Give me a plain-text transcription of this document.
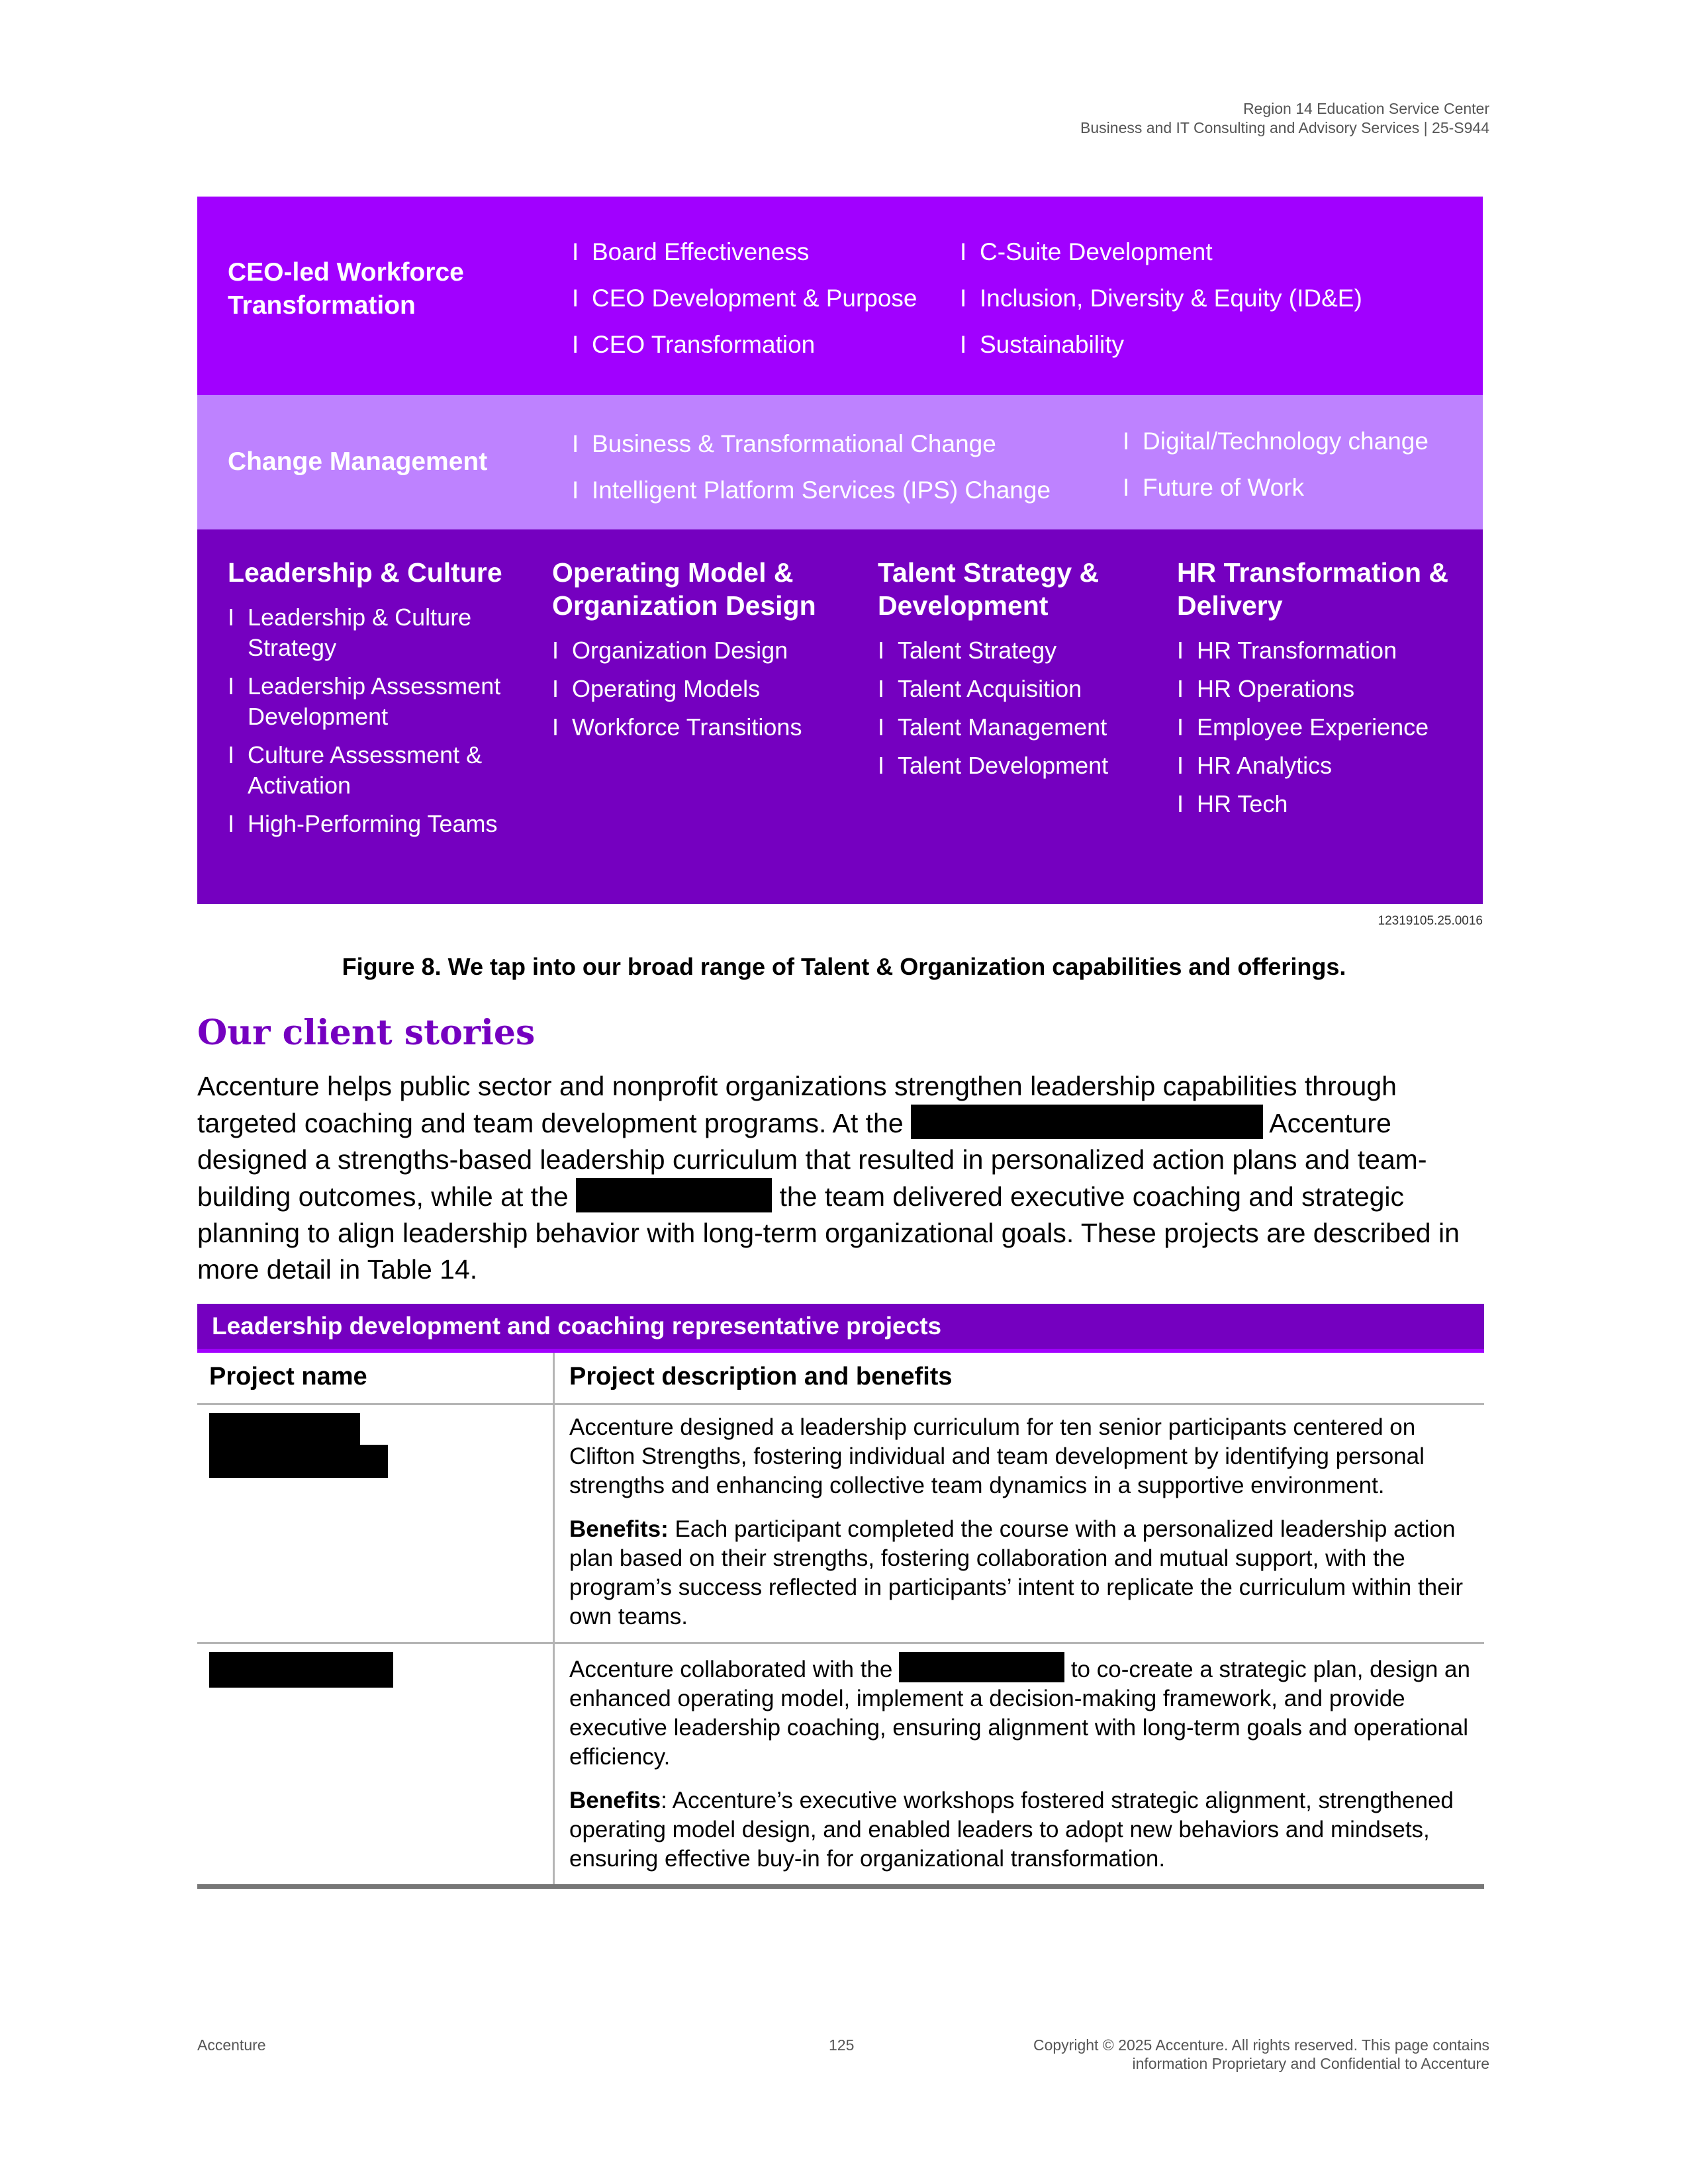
Region 14 Education Service Center
Business and IT Consulting and Advisory Services | 25-S944
CEO-led Workforce Transformation
I Board Effectiveness
I CEO Development & Purpose
I CEO Transformation
I C-Suite Development
I Inclusion, Diversity & Equity (ID&E)
I Sustainability
Change Management
I Business & Transformational Change
I Intelligent Platform Services (IPS) Change
I Digital/Technology change
I Future of Work
Leadership & Culture
I Leadership & Culture Strategy
I Leadership Assessment Development
I Culture Assessment & Activation
I High-Performing Teams
Operating Model & Organization Design
I Organization Design
I Operating Models
I Workforce Transitions
Talent Strategy & Development
I Talent Strategy
I Talent Acquisition
I Talent Management
I Talent Development
HR Transformation & Delivery
I HR Transformation
I HR Operations
I Employee Experience
I HR Analytics
I HR Tech
12319105.25.0016
Figure 8. We tap into our broad range of Talent & Organization capabilities and offerings.
Our client stories
Accenture helps public sector and nonprofit organizations strengthen leadership capabilities through targeted coaching and team development programs. At the	Accenture designed a strengths-based leadership curriculum that resulted in personalized action plans and team-building outcomes, while at the	the team delivered executive coaching and strategic planning to align leadership behavior with long-term organizational goals. These projects are described in more detail in Table 14.
Leadership development and coaching representative projects
Project name	Project description and benefits

Accenture designed a leadership curriculum for ten senior participants centered on Clifton Strengths, fostering individual and team development by identifying personal strengths and enhancing collective team dynamics in a supportive environment.

Benefits: Each participant completed the course with a personalized leadership action plan based on their strengths, fostering collaboration and mutual support, with the program’s success reflected in participants’ intent to replicate the curriculum within their own teams.

Accenture collaborated with the	to co-create a strategic plan, design an enhanced operating model, implement a decision-making framework, and provide executive leadership coaching, ensuring alignment with long-term goals and operational efficiency.

Benefits: Accenture’s executive workshops fostered strategic alignment, strengthened operating model design, and enabled leaders to adopt new behaviors and mindsets, ensuring effective buy-in for organizational transformation.

Accenture	125	Copyright © 2025 Accenture. All rights reserved. This page contains
information Proprietary and Confidential to Accenture
